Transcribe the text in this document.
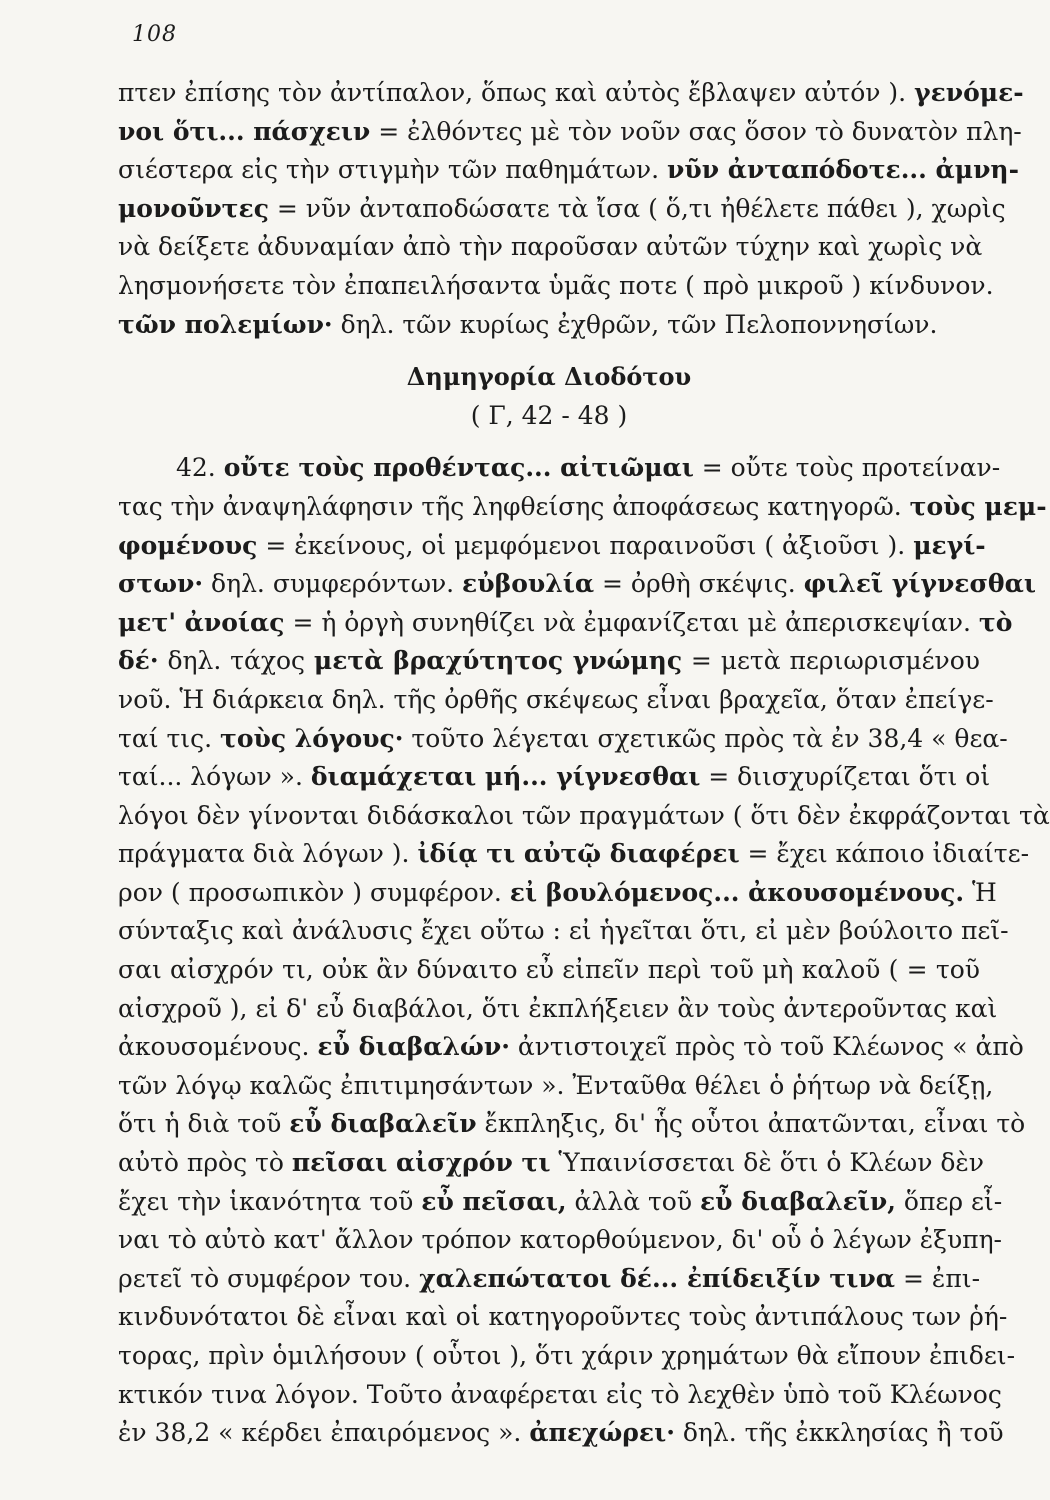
108
πτεν ἐπίσης τὸν ἀντίπαλον, ὅπως καὶ αὐτὸς ἔβλαψεν αὐτόν ). γενόμε-
νοι ὅτι... πάσχειν = ἐλθόντες μὲ τὸν νοῦν σας ὅσον τὸ δυνατὸν πλη-
σιέστερα εἰς τὴν στιγμὴν τῶν παθημάτων. νῦν ἀνταπόδοτε... ἀμνη-
μονοῦντες = νῦν ἀνταποδώσατε τὰ ἴσα ( ὅ,τι ἠθέλετε πάθει ), χωρὶς
νὰ δείξετε ἀδυναμίαν ἀπὸ τὴν παροῦσαν αὐτῶν τύχην καὶ χωρὶς νὰ
λησμονήσετε τὸν ἐπαπειλήσαντα ὑμᾶς ποτε ( πρὸ μικροῦ ) κίνδυνον.
τῶν πολεμίων· δηλ. τῶν κυρίως ἐχθρῶν, τῶν Πελοποννησίων.
Δημηγορία Διοδότου
( Γ, 42 - 48 )
42. οὔτε τοὺς προθέντας... αἰτιῶμαι = οὔτε τοὺς προτείναν-
τας τὴν ἀναψηλάφησιν τῆς ληφθείσης ἀποφάσεως κατηγορῶ. τοὺς μεμ-
φομένους = ἐκείνους, οἱ μεμφόμενοι παραινοῦσι ( ἀξιοῦσι ). μεγί-
στων· δηλ. συμφερόντων. εὐβουλία = ὀρθὴ σκέψις. φιλεῖ γίγνεσθαι
μετ' ἀνοίας = ἡ ὀργὴ συνηθίζει νὰ ἐμφανίζεται μὲ ἀπερισκεψίαν. τὸ
δέ· δηλ. τάχος μετὰ βραχύτητος γνώμης = μετὰ περιωρισμένου
νοῦ. Ἡ διάρκεια δηλ. τῆς ὀρθῆς σκέψεως εἶναι βραχεῖα, ὅταν ἐπείγε-
ταί τις. τοὺς λόγους· τοῦτο λέγεται σχετικῶς πρὸς τὰ ἐν 38,4 « θεα-
ταί... λόγων ». διαμάχεται μή... γίγνεσθαι = διισχυρίζεται ὅτι οἱ
λόγοι δὲν γίνονται διδάσκαλοι τῶν πραγμάτων ( ὅτι δὲν ἐκφράζονται τὰ
πράγματα διὰ λόγων ). ἰδίᾳ τι αὐτῷ διαφέρει = ἔχει κάποιο ἰδιαίτε-
ρον ( προσωπικὸν ) συμφέρον. εἰ βουλόμενος... ἀκουσομένους. Ἡ
σύνταξις καὶ ἀνάλυσις ἔχει οὕτω : εἰ ἡγεῖται ὅτι, εἰ μὲν βούλοιτο πεῖ-
σαι αἰσχρόν τι, οὐκ ἂν δύναιτο εὖ εἰπεῖν περὶ τοῦ μὴ καλοῦ ( = τοῦ
αἰσχροῦ ), εἰ δ' εὖ διαβάλοι, ὅτι ἐκπλήξειεν ἂν τοὺς ἀντεροῦντας καὶ
ἀκουσομένους. εὖ διαβαλών· ἀντιστοιχεῖ πρὸς τὸ τοῦ Κλέωνος « ἀπὸ
τῶν λόγῳ καλῶς ἐπιτιμησάντων ». Ἐνταῦθα θέλει ὁ ῥήτωρ νὰ δείξῃ,
ὅτι ἡ διὰ τοῦ εὖ διαβαλεῖν ἔκπληξις, δι' ἧς οὗτοι ἀπατῶνται, εἶναι τὸ
αὐτὸ πρὸς τὸ πεῖσαι αἰσχρόν τι Ὑπαινίσσεται δὲ ὅτι ὁ Κλέων δὲν
ἔχει τὴν ἱκανότητα τοῦ εὖ πεῖσαι, ἀλλὰ τοῦ εὖ διαβαλεῖν, ὅπερ εἶ-
ναι τὸ αὐτὸ κατ' ἄλλον τρόπον κατορθούμενον, δι' οὗ ὁ λέγων ἐξυπη-
ρετεῖ τὸ συμφέρον του. χαλεπώτατοι δέ... ἐπίδειξίν τινα = ἐπι-
κινδυνότατοι δὲ εἶναι καὶ οἱ κατηγοροῦντες τοὺς ἀντιπάλους των ῥή-
τορας, πρὶν ὁμιλήσουν ( οὗτοι ), ὅτι χάριν χρημάτων θὰ εἴπουν ἐπιδει-
κτικόν τινα λόγον. Τοῦτο ἀναφέρεται εἰς τὸ λεχθὲν ὑπὸ τοῦ Κλέωνος
ἐν 38,2 « κέρδει ἐπαιρόμενος ». ἀπεχώρει· δηλ. τῆς ἐκκλησίας ἢ τοῦ
